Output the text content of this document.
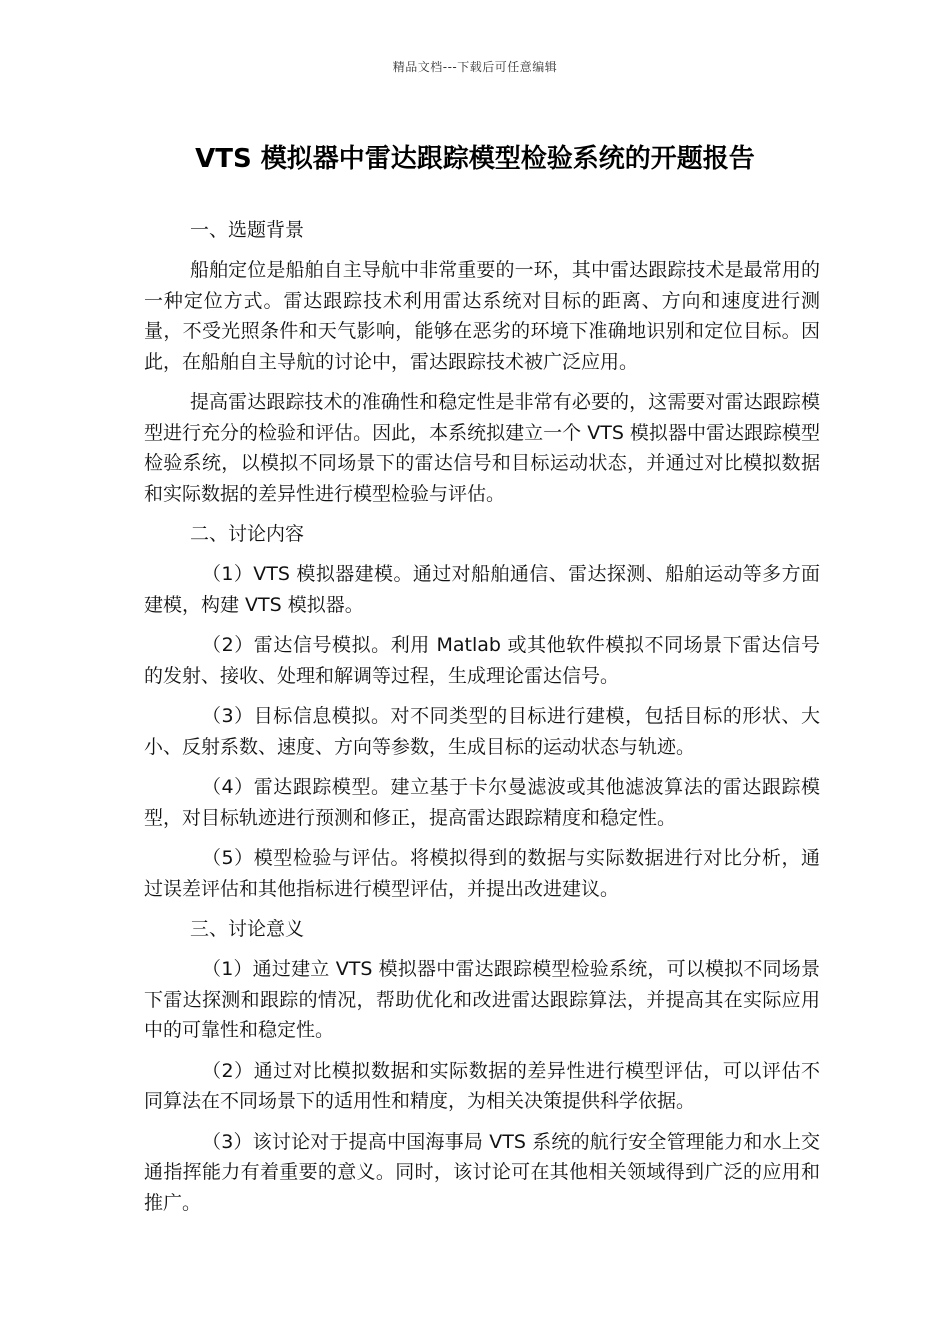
精品文档---下载后可任意编辑
VTS 模拟器中雷达跟踪模型检验系统的开题报告

一、选题背景

船舶定位是船舶自主导航中非常重要的一环，其中雷达跟踪技术是最常用的一种定位方式。雷达跟踪技术利用雷达系统对目标的距离、方向和速度进行测量，不受光照条件和天气影响，能够在恶劣的环境下准确地识别和定位目标。因此，在船舶自主导航的讨论中，雷达跟踪技术被广泛应用。

提高雷达跟踪技术的准确性和稳定性是非常有必要的，这需要对雷达跟踪模型进行充分的检验和评估。因此，本系统拟建立一个 VTS 模拟器中雷达跟踪模型检验系统，以模拟不同场景下的雷达信号和目标运动状态，并通过对比模拟数据和实际数据的差异性进行模型检验与评估。

二、讨论内容

（1）VTS 模拟器建模。通过对船舶通信、雷达探测、船舶运动等多方面建模，构建 VTS 模拟器。

（2）雷达信号模拟。利用 Matlab 或其他软件模拟不同场景下雷达信号的发射、接收、处理和解调等过程，生成理论雷达信号。

（3）目标信息模拟。对不同类型的目标进行建模，包括目标的形状、大小、反射系数、速度、方向等参数，生成目标的运动状态与轨迹。

（4）雷达跟踪模型。建立基于卡尔曼滤波或其他滤波算法的雷达跟踪模型，对目标轨迹进行预测和修正，提高雷达跟踪精度和稳定性。

（5）模型检验与评估。将模拟得到的数据与实际数据进行对比分析，通过误差评估和其他指标进行模型评估，并提出改进建议。

三、讨论意义

（1）通过建立 VTS 模拟器中雷达跟踪模型检验系统，可以模拟不同场景下雷达探测和跟踪的情况，帮助优化和改进雷达跟踪算法，并提高其在实际应用中的可靠性和稳定性。

（2）通过对比模拟数据和实际数据的差异性进行模型评估，可以评估不同算法在不同场景下的适用性和精度，为相关决策提供科学依据。

（3）该讨论对于提高中国海事局 VTS 系统的航行安全管理能力和水上交通指挥能力有着重要的意义。同时，该讨论可在其他相关领域得到广泛的应用和推广。
